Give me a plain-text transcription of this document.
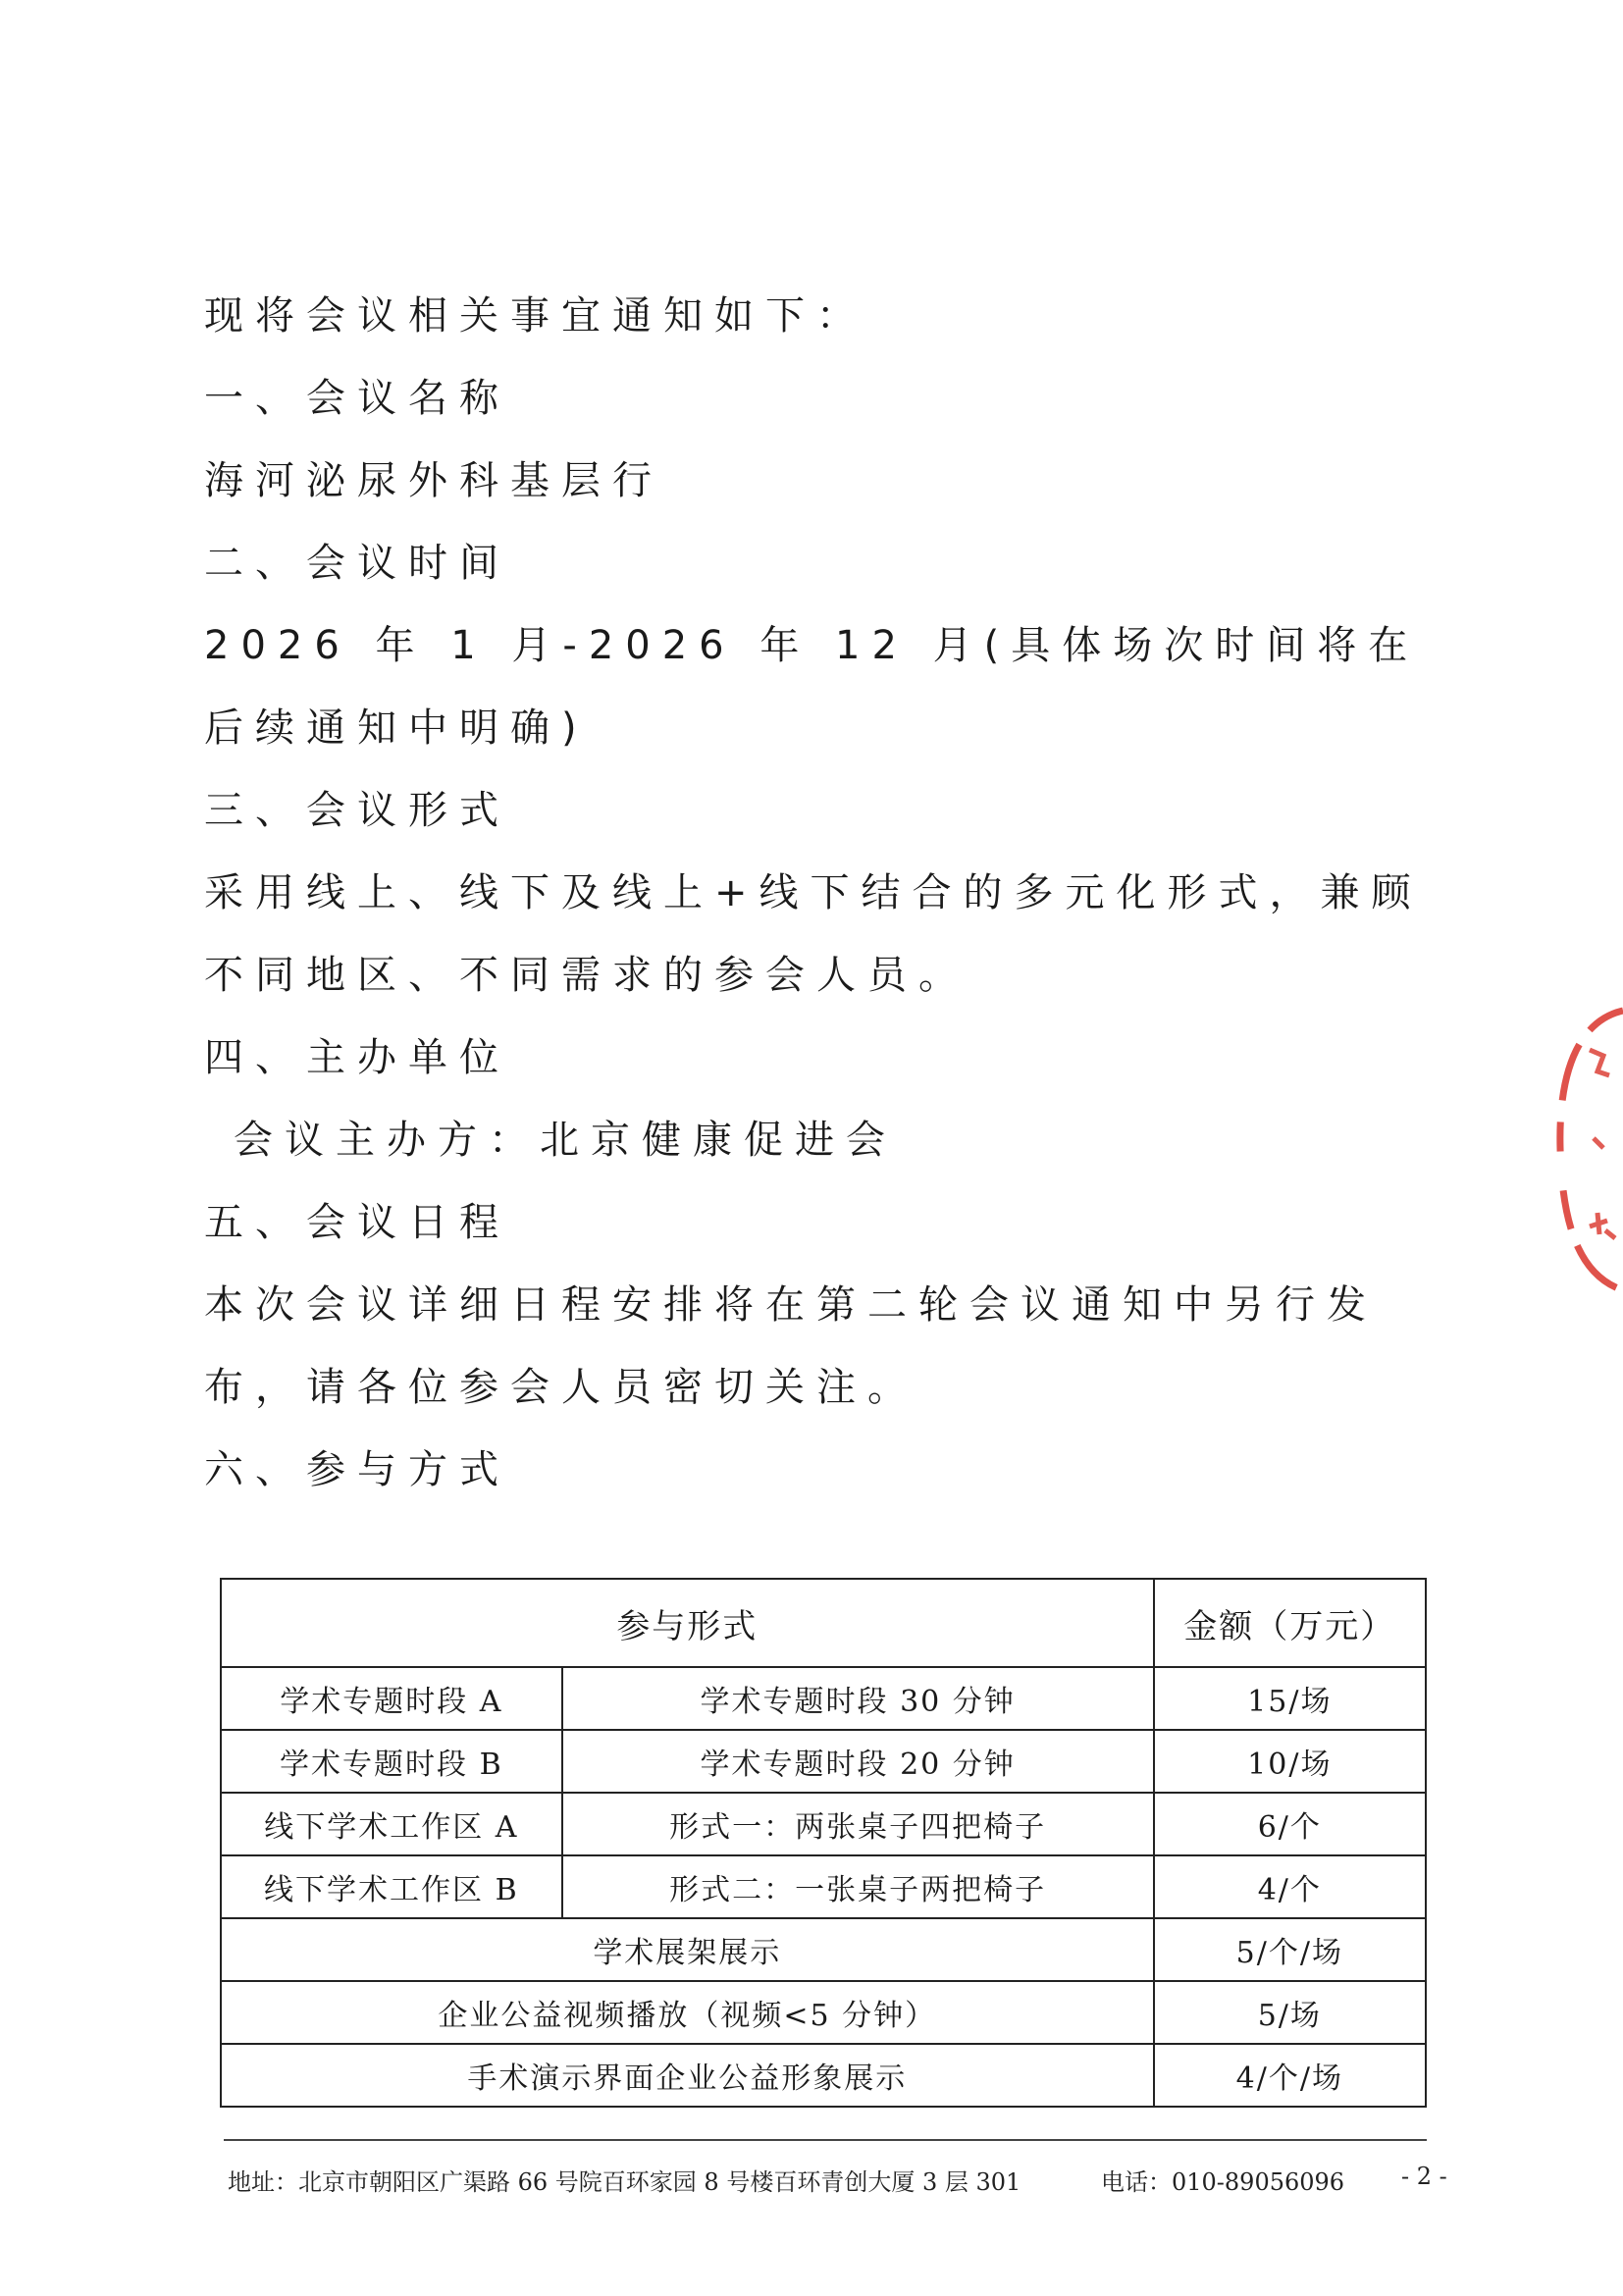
现将会议相关事宜通知如下：

一、会议名称

海河泌尿外科基层行

二、会议时间

2026 年 1 月-2026 年 12 月(具体场次时间将在后续通知中明确)

三、会议形式

采用线上、线下及线上+线下结合的多元化形式，兼顾不同地区、不同需求的参会人员。

四、主办单位

会议主办方：北京健康促进会

五、会议日程

本次会议详细日程安排将在第二轮会议通知中另行发布，请各位参会人员密切关注。

六、参与方式

参与形式		金额（万元）
学术专题时段 A	学术专题时段 30 分钟	15/场
学术专题时段 B	学术专题时段 20 分钟	10/场
线下学术工作区 A	形式一：两张桌子四把椅子	6/个
线下学术工作区 B	形式二：一张桌子两把椅子	4/个
学术展架展示		5/个/场
企业公益视频播放（视频<5 分钟）		5/场
手术演示界面企业公益形象展示		4/个/场
地址：北京市朝阳区广渠路 66 号院百环家园 8 号楼百环青创大厦 3 层 301	电话：010-89056096 - 2 -
